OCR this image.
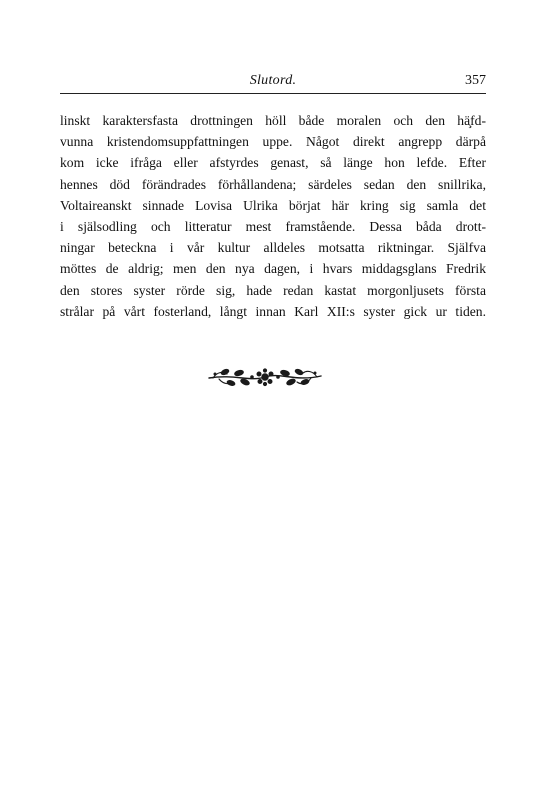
Slutord.	357
linskt karaktersfasta drottningen höll både moralen och den hä̧fd-
vunna kristendomsuppfattningen uppe. Något direkt angrepp därpå
kom icke ifråga eller afstyrdes genast, så länge hon lefde. Efter
hennes död förändrades förhållandena; särdeles sedan den snillrika,
Voltaireanskt sinnade Lovisa Ulrika börjat här kring sig samla det
i själsodling och litteratur mest framstående. Dessa båda drott-
ningar beteckna i vår kultur alldeles motsatta riktningar. Själfva
möttes de aldrig; men den nya dagen, i hvars middagsglans Fredrik
den stores syster rörde sig, hade redan kastat morgonljusets första
strålar på vårt fosterland, långt innan Karl XII:s syster gick ur tiden.
